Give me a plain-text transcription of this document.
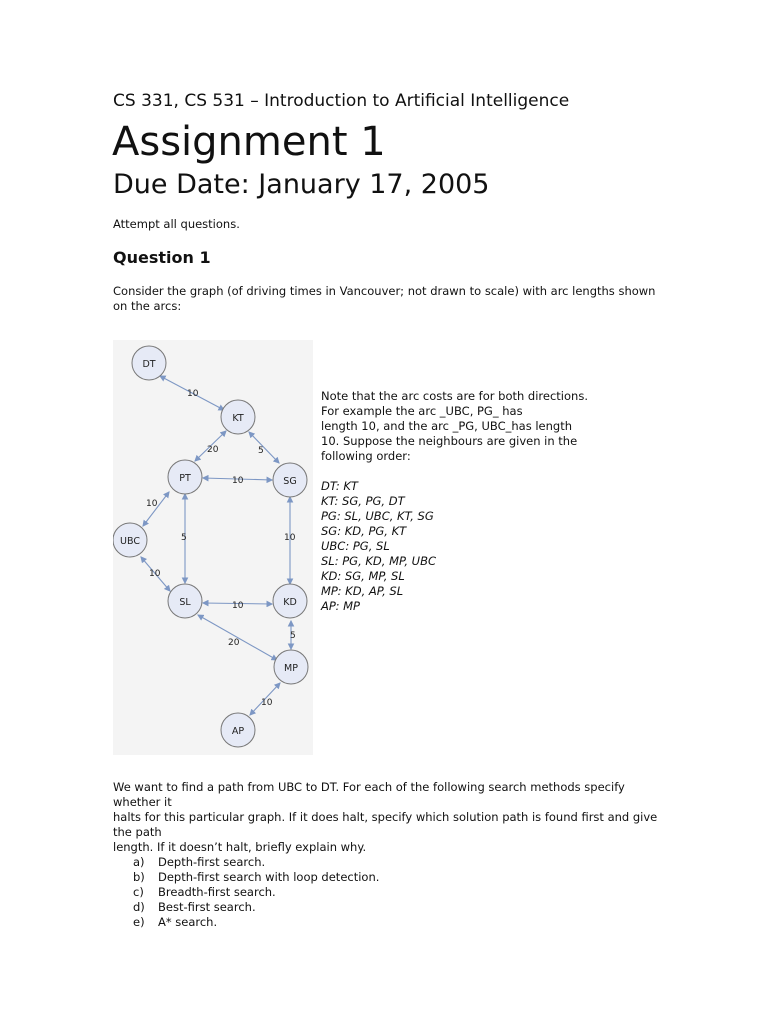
CS 331, CS 531 – Introduction to Artificial Intelligence
Assignment 1
Due Date: January 17, 2005
Attempt all questions.
Question 1
Consider the graph (of driving times in Vancouver; not drawn to scale) with arc lengths shown on the arcs:
10
20	5
10
10
5	10
10
10
5
20
10
DT
KT
PT	SG
UBC
SL	KD
MP
AP
Note that the arc costs are for both directions.
For example the arc _UBC, PG_ has
length 10, and the arc _PG, UBC_has length
10. Suppose the neighbours are given in the
following order:
DT: KT
KT: SG, PG, DT
PG: SL, UBC, KT, SG
SG: KD, PG, KT
UBC: PG, SL
SL: PG, KD, MP, UBC
KD: SG, MP, SL
MP: KD, AP, SL
AP: MP
We want to find a path from UBC to DT. For each of the following search methods specify whether it
halts for this particular graph. If it does halt, specify which solution path is found first and give the path
length. If it doesn’t halt, briefly explain why.
a) Depth-first search.
b) Depth-first search with loop detection.
c) Breadth-first search.
d) Best-first search.
e) A* search.
